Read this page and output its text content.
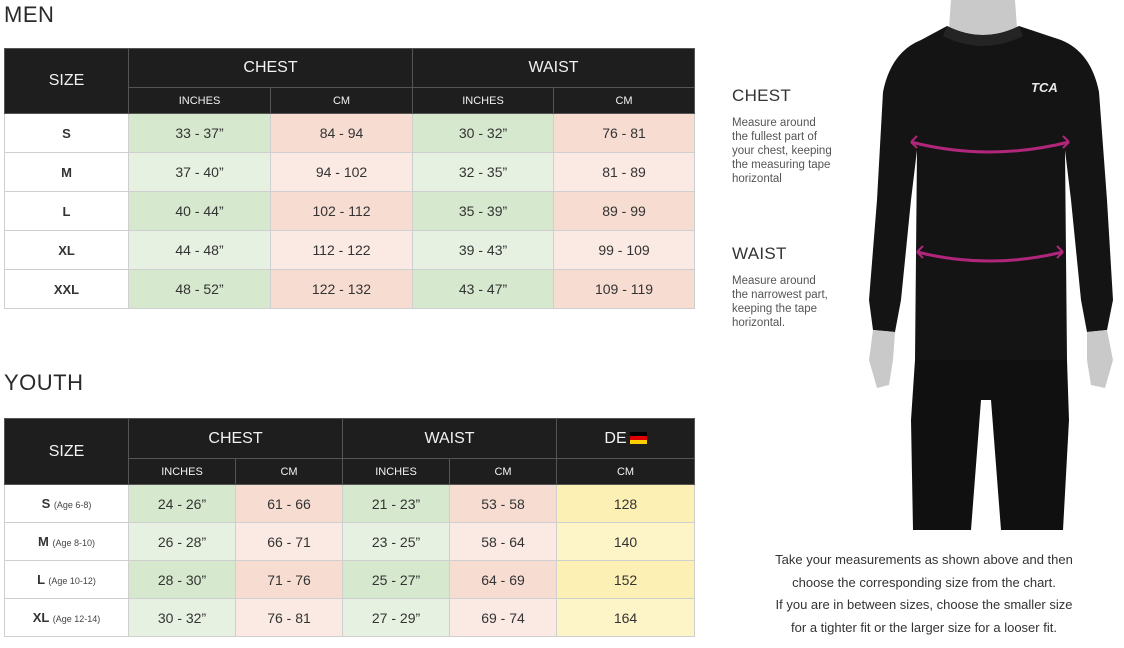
MEN
SIZE	CHEST		WAIST	
	INCHES	CM	INCHES	CM
S	33 - 37”	84 - 94	30 - 32”	76 - 81
M	37 - 40”	94 - 102	32 - 35”	81 - 89
L	40 - 44”	102 - 112	35 - 39”	89 - 99
XL	44 - 48”	112 - 122	39 - 43”	99 - 109
XXL	48 - 52”	122 - 132	43 - 47”	109 - 119
YOUTH
SIZE	CHEST		WAIST		DE

	INCHES	CM	INCHES	CM	CM
S (Age 6-8)	24 - 26”	61 - 66	21 - 23”	53 - 58	128
M (Age 8-10)	26 - 28”	66 - 71	23 - 25”	58 - 64	140
L (Age 10-12)	28 - 30”	71 - 76	25 - 27”	64 - 69	152
XL (Age 12-14)	30 - 32”	76 - 81	27 - 29”	69 - 74	164
CHEST
Measure around
the fullest part of
your chest, keeping
the measuring tape
horizontal
WAIST
Measure around
the narrowest part,
keeping the tape
horizontal.
TCA
Take your measurements as shown above and then
choose the corresponding size from the chart.
If you are in between sizes, choose the smaller size
for a tighter fit or the larger size for a looser fit.
